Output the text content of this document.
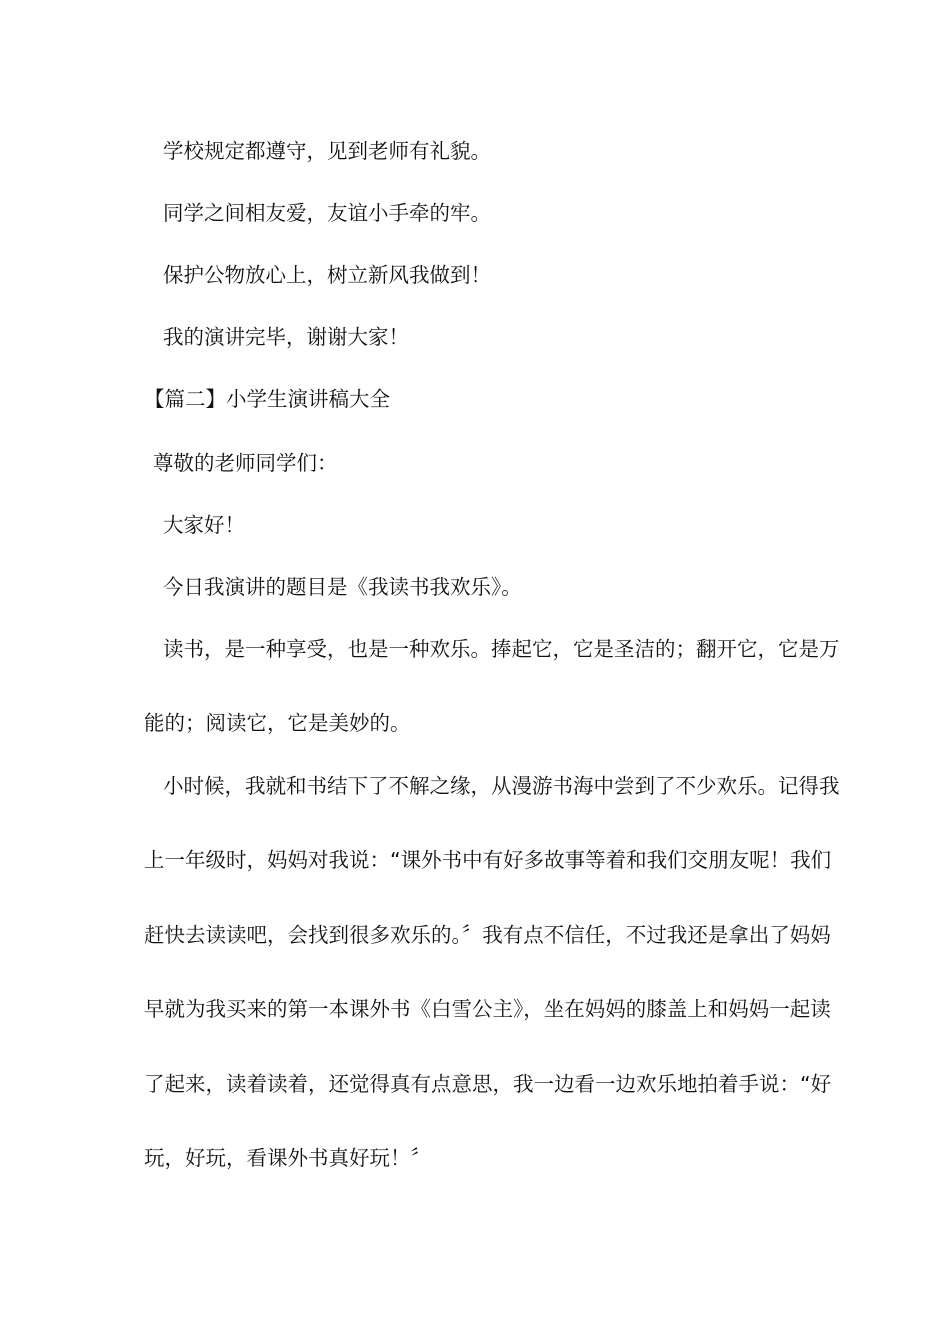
学校规定都遵守，见到老师有礼貌。
同学之间相友爱，友谊小手牵的牢。
保护公物放心上，树立新风我做到！
我的演讲完毕，谢谢大家！
【篇二】小学生演讲稿大全
尊敬的老师同学们：
大家好！
今日我演讲的题目是《我读书我欢乐》。
读书，是一种享受，也是一种欢乐。捧起它，它是圣洁的；翻开它，它是万
能的；阅读它，它是美妙的。
小时候，我就和书结下了不解之缘，从漫游书海中尝到了不少欢乐。记得我
上一年级时，妈妈对我说：“课外书中有好多故事等着和我们交朋友呢！我们
赶快去读读吧，会找到很多欢乐的。〞我有点不信任，不过我还是拿出了妈妈
早就为我买来的第一本课外书《白雪公主》，坐在妈妈的膝盖上和妈妈一起读
了起来，读着读着，还觉得真有点意思，我一边看一边欢乐地拍着手说：“好
玩，好玩，看课外书真好玩！〞
